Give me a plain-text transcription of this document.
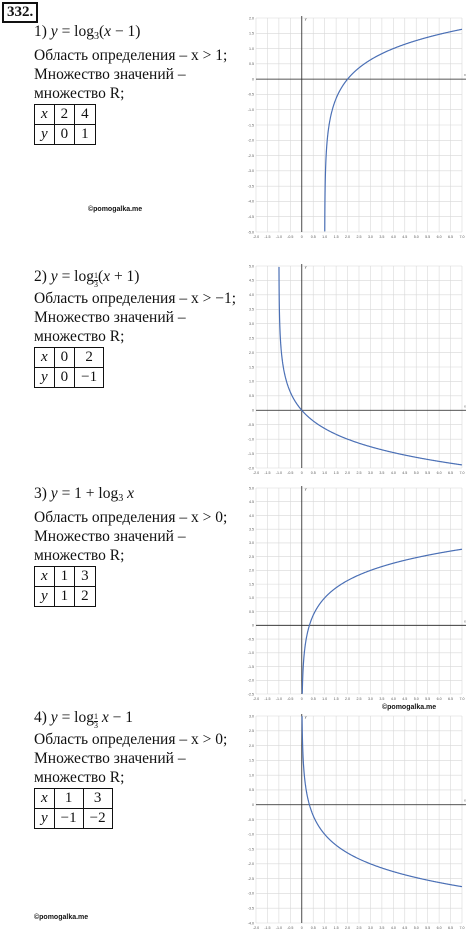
332.
1) $y = \log_3(x - 1)$
Область определения – x > 1;
Множество значений –
множество R;
x	2	4
y	0	1
©pomogalka.me
2) $y = \log \frac{1}{3} (x + 1)$
Область определения – x > −1;
Множество значений –
множество R;
x	0	2
y	0	−1
3) $y = 1 + \log_3 x$
Область определения – x > 0;
Множество значений –
множество R;
x	1	3
y	1	2
©pomogalka.me
4) $y = \log \frac{1}{3}$ x − 1
Область определения – x > 0;
Множество значений –
множество R;
x	1	3
y	−1	−2
©pomogalka.me
-2.0 -1.5 -1.0 -0.5 0 0.5 1.0 1.5 2.0 2.5 3.0 3.5 4.0 4.5 5.0 5.5 6.0 6.5 7.0
2.0
1.5
1.0
0.5
0
-0.5
-1.0
-1.5
-2.0
-2.5
-3.0
-3.5
-4.0
-4.5
-5.0
x
y
-2.0 -1.5 -1.0 -0.5 0 0.5 1.0 1.5 2.0 2.5 3.0 3.5 4.0 4.5 5.0 5.5 6.0 6.5 7.0
5.0
4.5
4.0
3.5
3.0
2.5
2.0
1.5
1.0
0.5
0
-0.5
-1.0
-1.5
-2.0
x
y
-2.0 -1.5 -1.0 -0.5 0 0.5 1.0 1.5 2.0 2.5 3.0 3.5 4.0 4.5 5.0 5.5 6.0 6.5 7.0
5.0
4.5
4.0
3.5
3.0
2.5
2.0
1.5
1.0
0.5
0
-0.5
-1.0
-1.5
-2.0
-2.5
x
y
-2.0 -1.5 -1.0 -0.5 0 0.5 1.0 1.5 2.0 2.5 3.0 3.5 4.0 4.5 5.0 5.5 6.0 6.5 7.0
3.0
2.5
2.0
1.5
1.0
0.5
0
-0.5
-1.0
-1.5
-2.0
-2.5
-3.0
-3.5
-4.0
x
y
